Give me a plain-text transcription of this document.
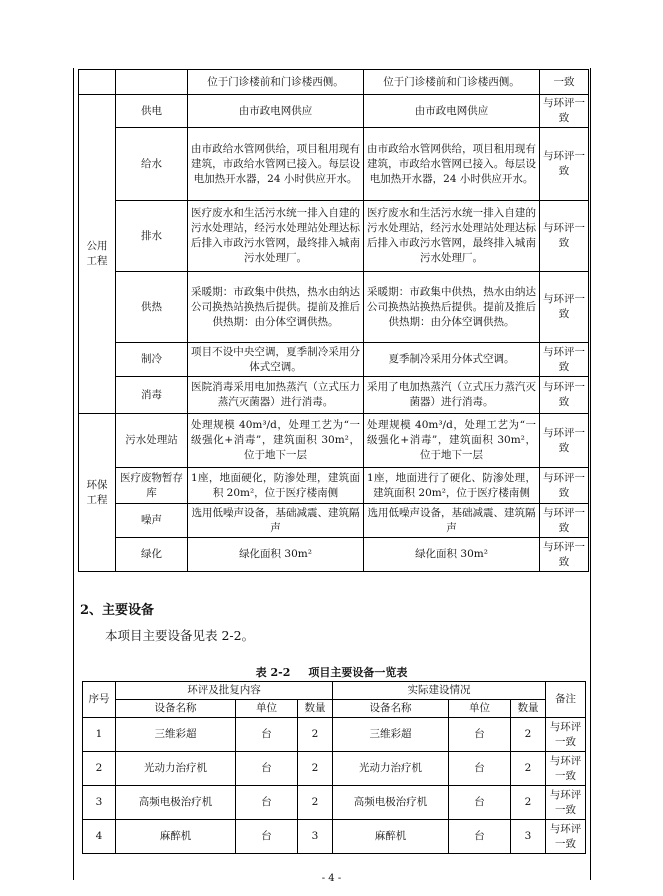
		位于门诊楼前和门诊楼西侧。	位于门诊楼前和门诊楼西侧。	一致
公用工程	供电	由市政电网供应	由市政电网供应	与环评一致
	给水	由市政给水管网供给，项目租用现有建筑，市政给水管网已接入。每层设电加热开水器，24 小时供应开水。	由市政给水管网供给，项目租用现有建筑，市政给水管网已接入。每层设电加热开水器，24 小时供应开水。	与环评一致
	排水	医疗废水和生活污水统一排入自建的污水处理站，经污水处理站处理达标后排入市政污水管网，最终排入城南污水处理厂。	医疗废水和生活污水统一排入自建的污水处理站，经污水处理站处理达标后排入市政污水管网，最终排入城南污水处理厂。	与环评一致
	供热	采暖期：市政集中供热，热水由纳达公司换热站换热后提供。提前及推后供热期：由分体空调供热。	采暖期：市政集中供热，热水由纳达公司换热站换热后提供。提前及推后供热期：由分体空调供热。	与环评一致
	制冷	项目不设中央空调，夏季制冷采用分体式空调。	夏季制冷采用分体式空调。	与环评一致
	消毒	医院消毒采用电加热蒸汽（立式压力蒸汽灭菌器）进行消毒。	采用了电加热蒸汽（立式压力蒸汽灭菌器）进行消毒。	与环评一致
环保工程	污水处理站	处理规模 40m³/d，处理工艺为“一级强化+消毒”，建筑面积 30m²，位于地下一层	处理规模 40m³/d，处理工艺为“一级强化+消毒”，建筑面积 30m²，位于地下一层	与环评一致
	医疗废物暂存库	1座，地面硬化，防渗处理，建筑面积 20m²，位于医疗楼南侧	1座，地面进行了硬化、防渗处理，建筑面积 20m²，位于医疗楼南侧	与环评一致
	噪声	选用低噪声设备，基础减震、建筑隔声	选用低噪声设备，基础减震、建筑隔声	与环评一致
	绿化	绿化面积 30m²	绿化面积 30m²	与环评一致
2、主要设备
本项目主要设备见表 2-2。
表 2-2 项目主要设备一览表
序号	环评及批复内容			实际建设情况			备注
	设备名称	单位	数量	设备名称	单位	数量	
1	三维彩超	台	2	三维彩超	台	2	与环评一致
2	光动力治疗机	台	2	光动力治疗机	台	2	与环评一致
3	高频电极治疗机	台	2	高频电极治疗机	台	2	与环评一致
4	麻醉机	台	3	麻醉机	台	3	与环评一致
- 4 -
